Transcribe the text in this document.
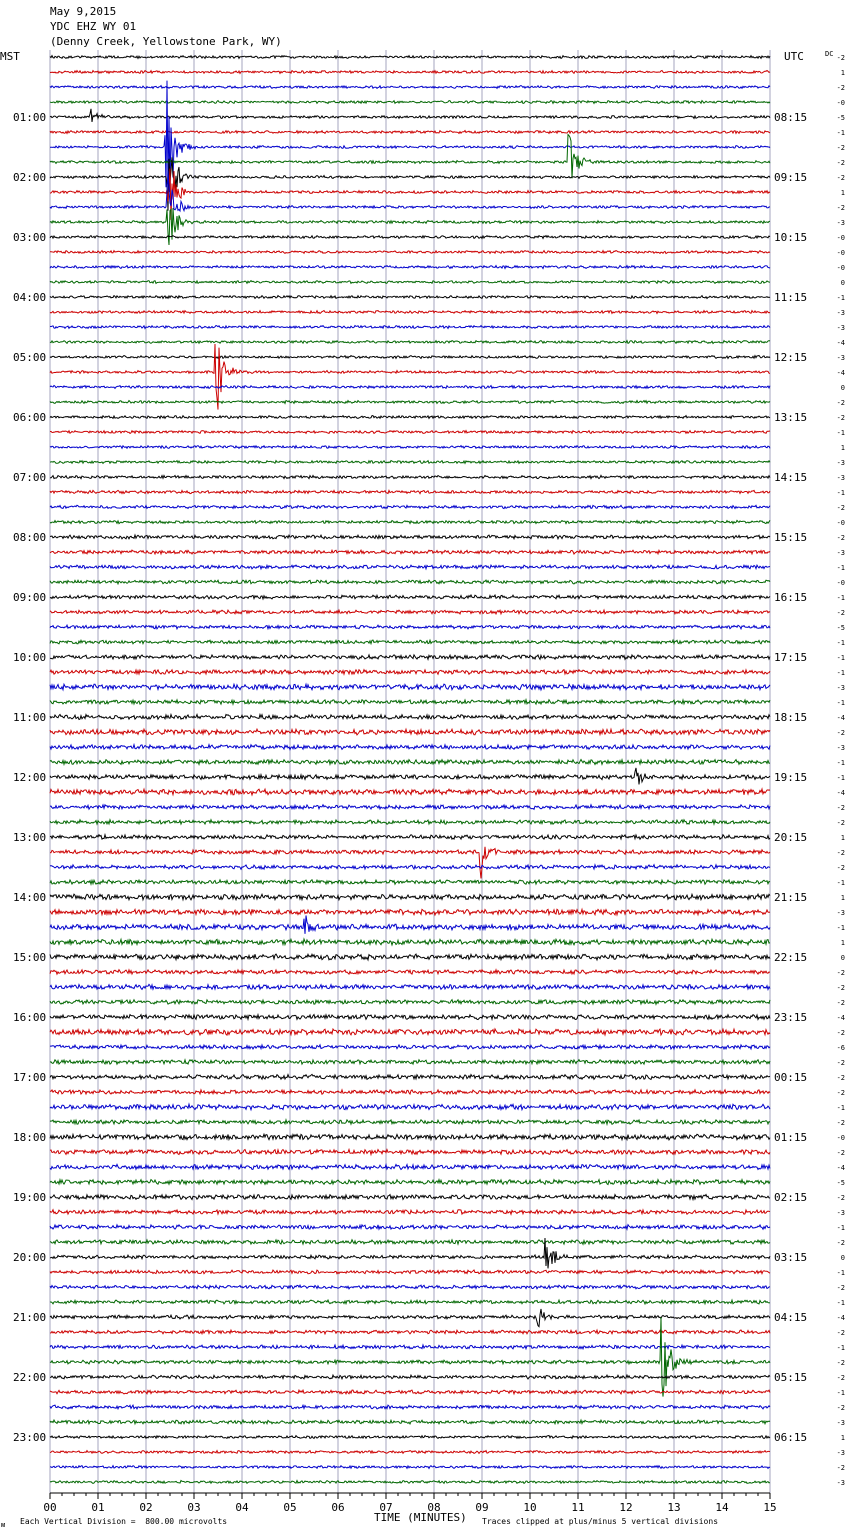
May 9,2015
YDC EHZ WY 01
(Denny Creek, Yellowstone Park, WY)
MST	UTC	DC
01:00	08:15
02:00	09:15
03:00	10:15
04:00	11:15
05:00	12:15
06:00	13:15
07:00	14:15
08:00	15:15
09:00	16:15
10:00	17:15
11:00	18:15
12:00	19:15
13:00	20:15
14:00	21:15
15:00	22:15
16:00	23:15
17:00	00:15
18:00	01:15
19:00	02:15
20:00	03:15
21:00	04:15
22:00	05:15
23:00	06:15
-2
1
-2
-0
-5
-1
-2
-2
-2
1
-2
-3
-0
-0
-0
0
-1
-3
-3
-4
-3
-4
0
-2
-2
-1
1
-3
-3
-1
-2
-0
-2
-3
-1
-0
-1
-2
-5
-1
-1
-1
-3
-1
-4
-2
-3
-1
-1
-4
-2
-2
1
-2
-2
-1
1
-3
-1
1
0
-2
-2
-2
-4
-2
-6
-2
-2
-2
-1
-2
-0
-2
-4
-5
-2
-3
-1
-2
0
-1
-2
-1
-4
-2
-1
-2
-2
-1
-2
-3
1
-3
-2
-3
00	01	02	03	04	05	06	07	08	09	10	11	12	13	14	15
Each Vertical Division =  800.00 microvolts	TIME (MINUTES) Traces clipped at plus/minus 5 vertical divisions
ᴍ
